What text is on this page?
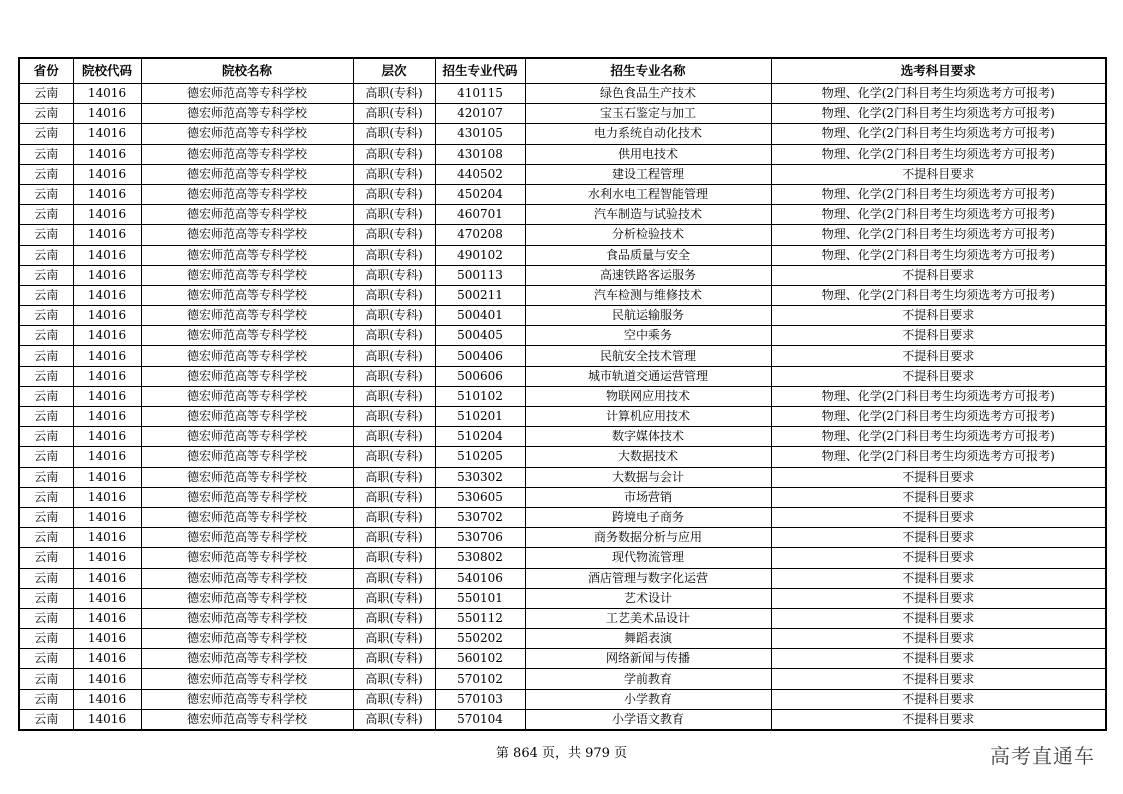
省份	院校代码	院校名称	层次	招生专业代码	招生专业名称	选考科目要求
云南	14016	德宏师范高等专科学校	高职(专科)	410115	绿色食品生产技术	物理、化学(2门科目考生均须选考方可报考)
云南	14016	德宏师范高等专科学校	高职(专科)	420107	宝玉石鉴定与加工	物理、化学(2门科目考生均须选考方可报考)
云南	14016	德宏师范高等专科学校	高职(专科)	430105	电力系统自动化技术	物理、化学(2门科目考生均须选考方可报考)
云南	14016	德宏师范高等专科学校	高职(专科)	430108	供用电技术	物理、化学(2门科目考生均须选考方可报考)
云南	14016	德宏师范高等专科学校	高职(专科)	440502	建设工程管理	不提科目要求
云南	14016	德宏师范高等专科学校	高职(专科)	450204	水利水电工程智能管理	物理、化学(2门科目考生均须选考方可报考)
云南	14016	德宏师范高等专科学校	高职(专科)	460701	汽车制造与试验技术	物理、化学(2门科目考生均须选考方可报考)
云南	14016	德宏师范高等专科学校	高职(专科)	470208	分析检验技术	物理、化学(2门科目考生均须选考方可报考)
云南	14016	德宏师范高等专科学校	高职(专科)	490102	食品质量与安全	物理、化学(2门科目考生均须选考方可报考)
云南	14016	德宏师范高等专科学校	高职(专科)	500113	高速铁路客运服务	不提科目要求
云南	14016	德宏师范高等专科学校	高职(专科)	500211	汽车检测与维修技术	物理、化学(2门科目考生均须选考方可报考)
云南	14016	德宏师范高等专科学校	高职(专科)	500401	民航运输服务	不提科目要求
云南	14016	德宏师范高等专科学校	高职(专科)	500405	空中乘务	不提科目要求
云南	14016	德宏师范高等专科学校	高职(专科)	500406	民航安全技术管理	不提科目要求
云南	14016	德宏师范高等专科学校	高职(专科)	500606	城市轨道交通运营管理	不提科目要求
云南	14016	德宏师范高等专科学校	高职(专科)	510102	物联网应用技术	物理、化学(2门科目考生均须选考方可报考)
云南	14016	德宏师范高等专科学校	高职(专科)	510201	计算机应用技术	物理、化学(2门科目考生均须选考方可报考)
云南	14016	德宏师范高等专科学校	高职(专科)	510204	数字媒体技术	物理、化学(2门科目考生均须选考方可报考)
云南	14016	德宏师范高等专科学校	高职(专科)	510205	大数据技术	物理、化学(2门科目考生均须选考方可报考)
云南	14016	德宏师范高等专科学校	高职(专科)	530302	大数据与会计	不提科目要求
云南	14016	德宏师范高等专科学校	高职(专科)	530605	市场营销	不提科目要求
云南	14016	德宏师范高等专科学校	高职(专科)	530702	跨境电子商务	不提科目要求
云南	14016	德宏师范高等专科学校	高职(专科)	530706	商务数据分析与应用	不提科目要求
云南	14016	德宏师范高等专科学校	高职(专科)	530802	现代物流管理	不提科目要求
云南	14016	德宏师范高等专科学校	高职(专科)	540106	酒店管理与数字化运营	不提科目要求
云南	14016	德宏师范高等专科学校	高职(专科)	550101	艺术设计	不提科目要求
云南	14016	德宏师范高等专科学校	高职(专科)	550112	工艺美术品设计	不提科目要求
云南	14016	德宏师范高等专科学校	高职(专科)	550202	舞蹈表演	不提科目要求
云南	14016	德宏师范高等专科学校	高职(专科)	560102	网络新闻与传播	不提科目要求
云南	14016	德宏师范高等专科学校	高职(专科)	570102	学前教育	不提科目要求
云南	14016	德宏师范高等专科学校	高职(专科)	570103	小学教育	不提科目要求
云南	14016	德宏师范高等专科学校	高职(专科)	570104	小学语文教育	不提科目要求
第 864 页，共 979 页	高考直通车
